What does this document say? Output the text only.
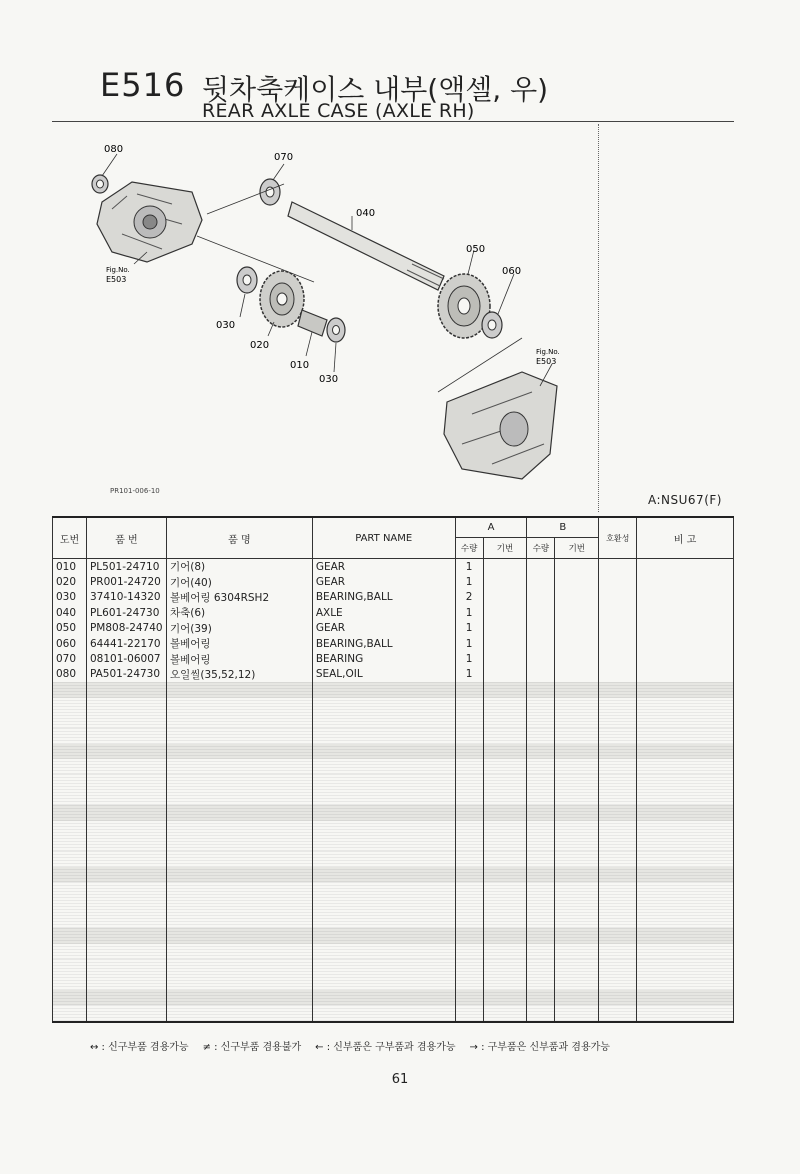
E516 뒷차축케이스 내부(액셀, 우)
REAR AXLE CASE (AXLE RH)
080
070
040
050
060
030
020
010
030
Fig.No.
E503
Fig.No.
E503
PR101-006-10
A:NSU67(F)
도번	품 번	품 명	PART NAME	A		B		호환성	비 고
				수량	기번	수량	기번		
010	PL501-24710	기어(8)	GEAR	1					
020	PR001-24720	기어(40)	GEAR	1					
030	37410-14320	볼베어링 6304RSH2	BEARING,BALL	2					
040	PL601-24730	차축(6)	AXLE	1					
050	PM808-24740	기어(39)	GEAR	1					
060	64441-22170	볼베어링	BEARING,BALL	1					
070	08101-06007	볼베어링	BEARING	1					
080	PA501-24730	오일씰(35,52,12)	SEAL,OIL	1					

↔ : 신구부품 겸용가능 ≠ : 신구부품 겸용불가 ← : 신부품은 구부품과 겸용가능 → : 구부품은 신부품과 겸용가능
61
